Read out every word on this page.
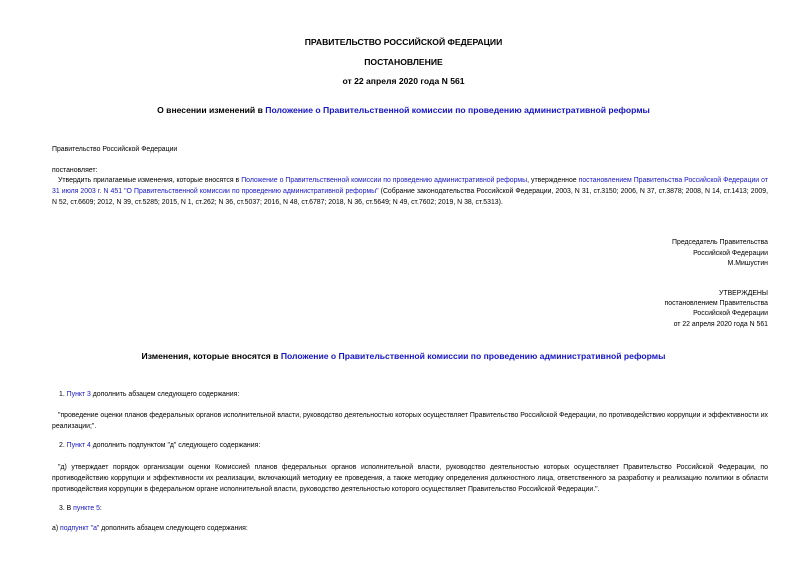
ПРАВИТЕЛЬСТВО РОССИЙСКОЙ ФЕДЕРАЦИИ
ПОСТАНОВЛЕНИЕ
от 22 апреля 2020 года N 561
О внесении изменений в Положение о Правительственной комиссии по проведению административной реформы
Правительство Российской Федерации
постановляет:
Утвердить прилагаемые изменения, которые вносятся в Положение о Правительственной комиссии по проведению административной реформы, утвержденное постановлением Правительства Российской Федерации от 31 июля 2003 г. N 451 "О Правительственной комиссии по проведению административной реформы" (Собрание законодательства Российской Федерации, 2003, N 31, ст.3150; 2006, N 37, ст.3878; 2008, N 14, ст.1413; 2009, N 52, ст.6609; 2012, N 39, ст.5285; 2015, N 1, ст.262; N 36, ст.5037; 2016, N 48, ст.6787; 2018, N 36, ст.5649; N 49, ст.7602; 2019, N 38, ст.5313).
Председатель Правительства
Российской Федерации
М.Мишустин
УТВЕРЖДЕНЫ
постановлением Правительства
Российской Федерации
от 22 апреля 2020 года N 561
Изменения, которые вносятся в Положение о Правительственной комиссии по проведению административной реформы
1. Пункт 3 дополнить абзацем следующего содержания:
"проведение оценки планов федеральных органов исполнительной власти, руководство деятельностью которых осуществляет Правительство Российской Федерации, по противодействию коррупции и эффективности их реализации;".
2. Пункт 4 дополнить подпунктом "д" следующего содержания:
"д) утверждает порядок организации оценки Комиссией планов федеральных органов исполнительной власти, руководство деятельностью которых осуществляет Правительство Российской Федерации, по противодействию коррупции и эффективности их реализации, включающий методику ее проведения, а также методику определения должностного лица, ответственного за разработку и реализацию политики в области противодействия коррупции в федеральном органе исполнительной власти, руководство деятельностью которого осуществляет Правительство Российской Федерации.".
3. В пункте 5:
а) подпункт "а" дополнить абзацем следующего содержания:
